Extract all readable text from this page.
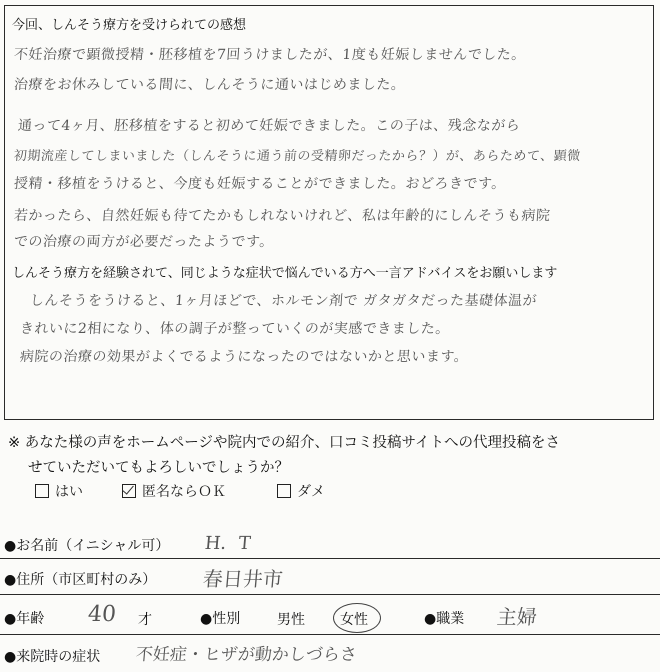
今回、しんそう療方を受けられての感想
不妊治療で顕微授精・胚移植を7回うけましたが、1度も妊娠しませんでした。
治療をお休みしている間に、しんそうに通いはじめました。
通って4ヶ月、胚移植をすると初めて妊娠できました。この子は、残念ながら
初期流産してしまいました（しんそうに通う前の受精卵だったから？）が、あらためて、顕微
授精・移植をうけると、今度も妊娠することができました。おどろきです。
若かったら、自然妊娠も待てたかもしれないけれど、私は年齢的にしんそうも病院
での治療の両方が必要だったようです。
しんそう療方を経験されて、同じような症状で悩んでいる方へ一言アドバイスをお願いします
しんそうをうけると、1ヶ月ほどで、ホルモン剤で ガタガタだった基礎体温が
きれいに2相になり、体の調子が整っていくのが実感できました。
病院の治療の効果がよくでるようになったのではないかと思います。
※ あなた様の声をホームページや院内での紹介、口コミ投稿サイトへの代理投稿をさ
せていただいてもよろしいでしょうか？
はい	匿名ならＯＫ	ダメ
●お名前（イニシャル可） H．T
●住所（市区町村のみ） 春日井市
●年齢 40 才	●性別	男性	女性	●職業 主婦
●来院時の症状 不妊症・ヒザが動かしづらさ
